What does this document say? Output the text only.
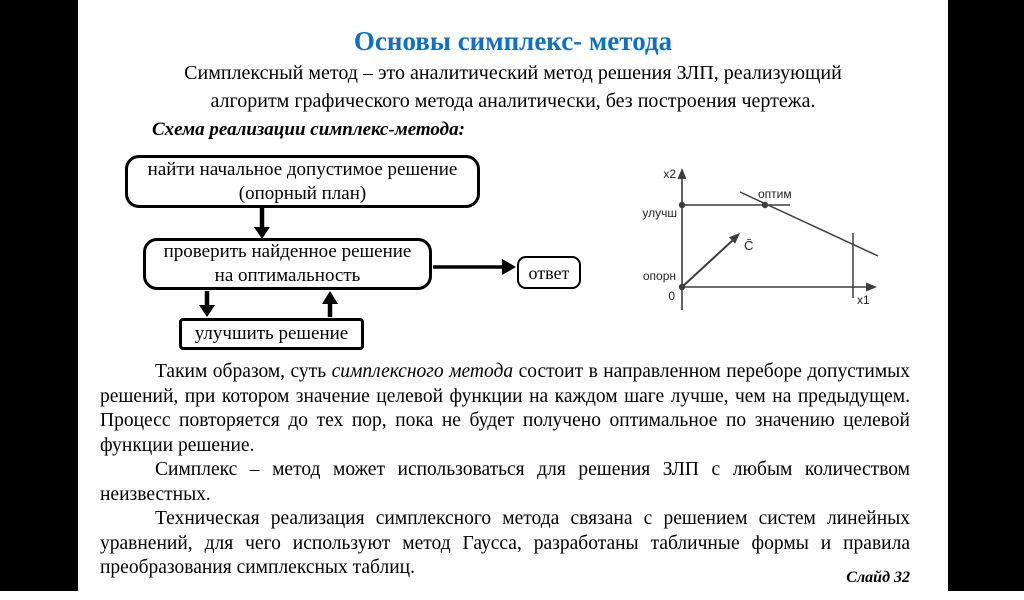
Основы симплекс- метода
Симплексный метод – это аналитический метод решения ЗЛП, реализующий
алгоритм графического метода аналитически, без построения чертежа.
Схема реализации симплекс-метода:
найти начальное допустимое решение
(опорный план)
проверить найденное решение
на оптимальность
улучшить решение
ответ

Таким образом, суть симплексного метода состоит в направленном переборе допустимых решений, при котором значение целевой функции на каждом шаге лучше, чем на предыдущем. Процесс повторяется до тех пор, пока не будет получено оптимальное по значению целевой функции решение.

Симплекс – метод может использоваться для решения ЗЛП с любым количеством неизвестных.

Техническая реализация симплексного метода связана с решением систем линейных уравнений, для чего используют метод Гаусса, разработаны табличные формы и правила преобразования симплексных таблиц.	Слайд 32
x2
x1
0
опорн
улучш
оптим
C̄
